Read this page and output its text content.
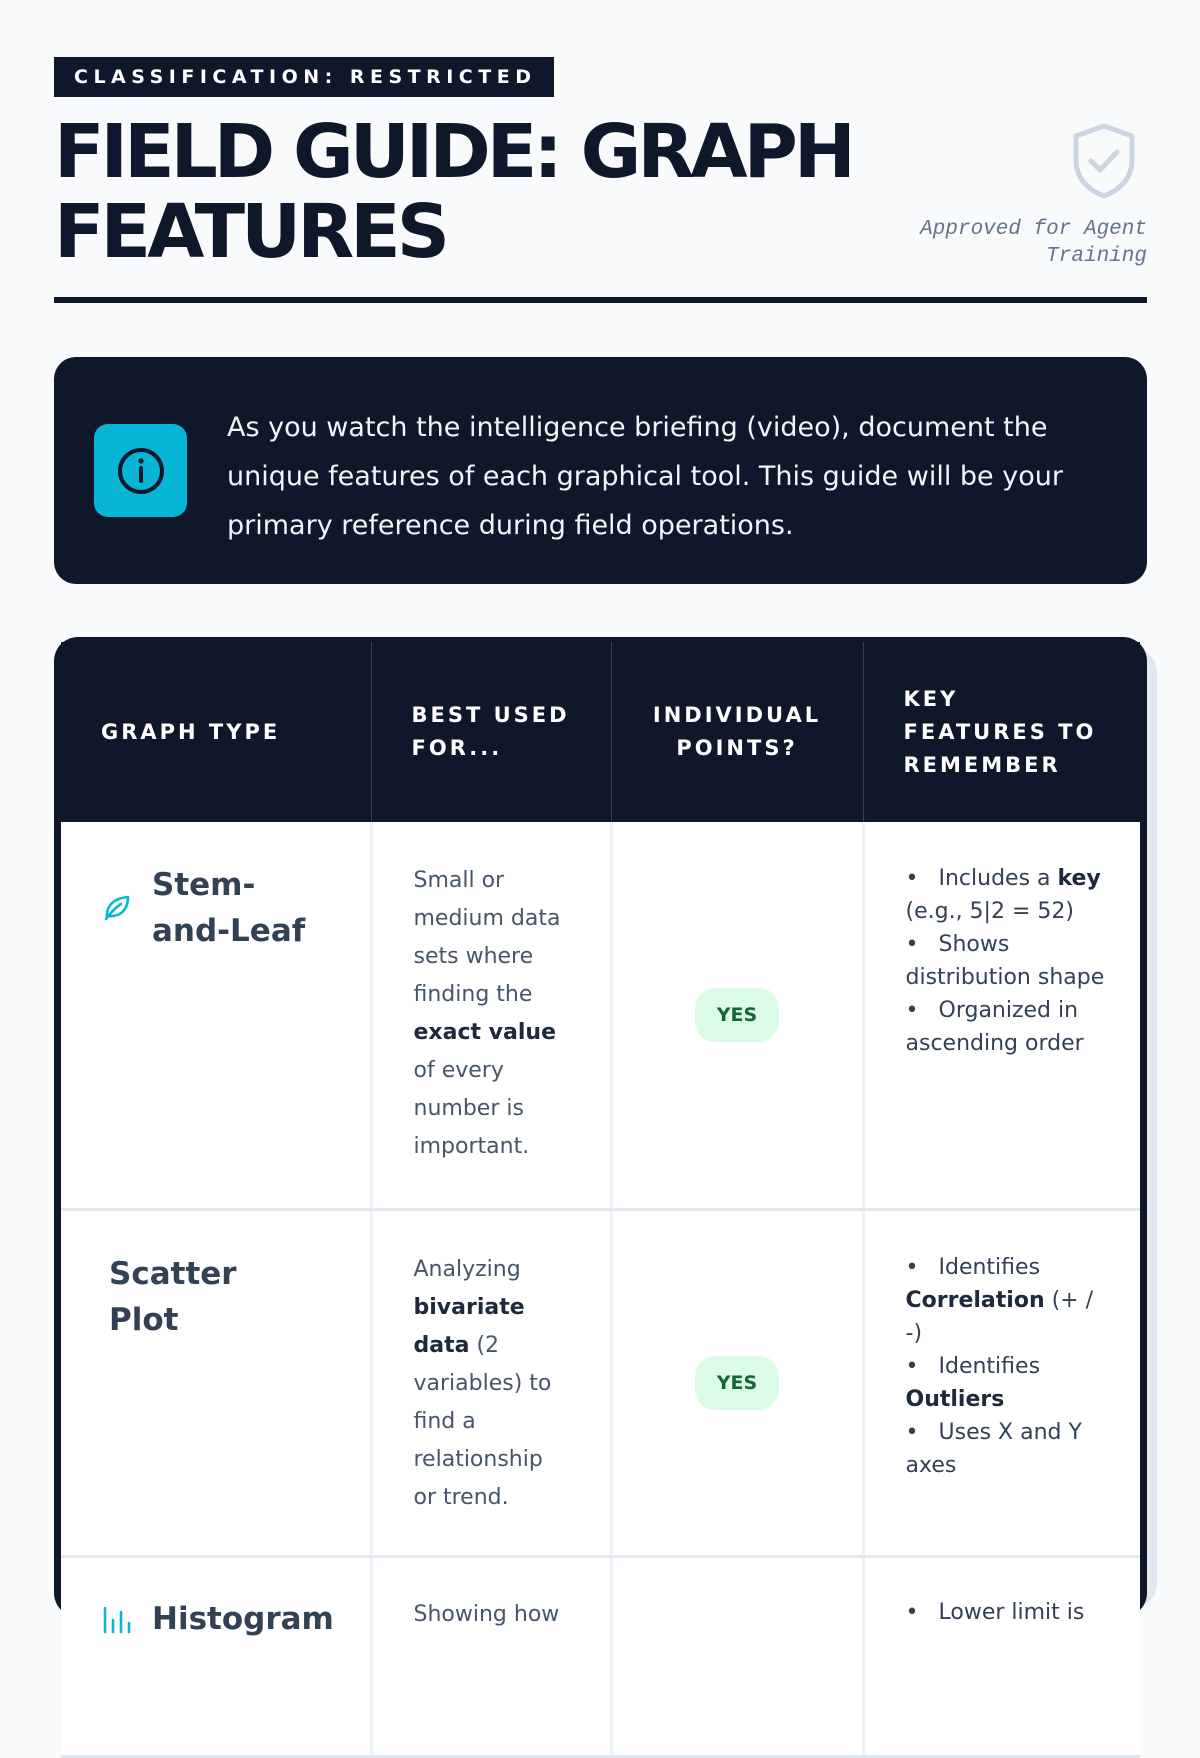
CLASSIFICATION: RESTRICTED
FIELD GUIDE: GRAPH FEATURES	Approved for Agent Training

As you watch the intelligence briefing (video), document the unique features of each graphical tool. This guide will be your primary reference during field operations.

GRAPH TYPE	BEST USED FOR...	INDIVIDUAL POINTS?	KEY FEATURES TO REMEMBER

Stem-and-Leaf	Small or medium data sets where finding the exact value of every number is important.	YES	• Includes a key (e.g., 5|2 = 52)
• Shows distribution shape
• Organized in ascending order

Scatter Plot	Analyzing bivariate data (2 variables) to find a relationship or trend.	YES	• Identifies Correlation (+ / -)
• Identifies Outliers
• Uses X and Y axes

Histogram	Showing how		• Lower limit is
